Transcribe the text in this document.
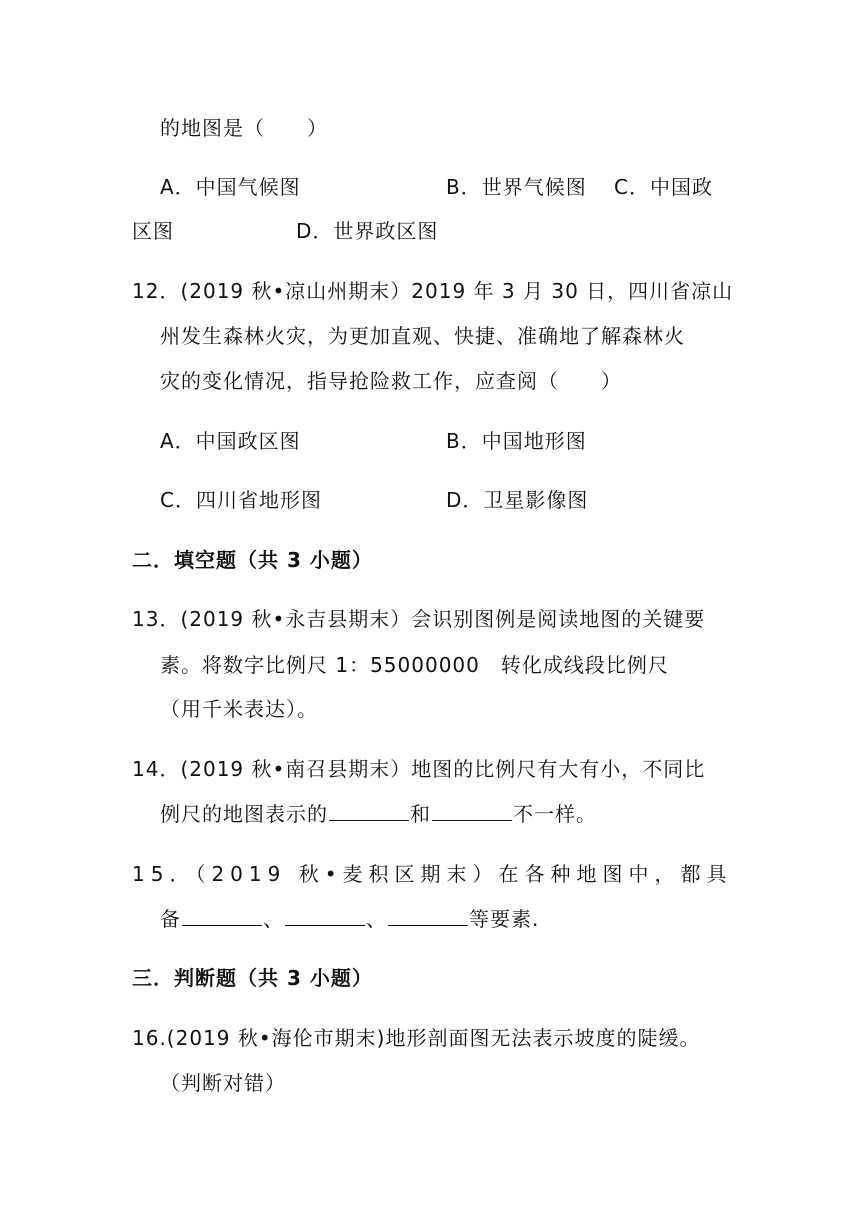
的地图是（　　）
A．中国气候图	B．世界气候图 C．中国政
区图	D．世界政区图
12．(2019 秋•凉山州期末）2019 年 3 月 30 日，四川省凉山
州发生森林火灾，为更加直观、快捷、准确地了解森林火
灾的变化情况，指导抢险救工作，应查阅（　　）
A．中国政区图	B．中国地形图
C．四川省地形图	D．卫星影像图
二．填空题（共 3 小题）
13．(2019 秋•永吉县期末）会识别图例是阅读地图的关键要
素。将数字比例尺 1：55000000　转化成线段比例尺
（用千米表达）。
14．(2019 秋•南召县期末）地图的比例尺有大有小，不同比
例尺的地图表示的	和	不一样。
15．（2019 秋•麦积区期末）在各种地图中，都具
备	、	、	等要素.
三．判断题（共 3 小题）
16.(2019 秋•海伦市期末)地形剖面图无法表示坡度的陡缓。
（判断对错）
